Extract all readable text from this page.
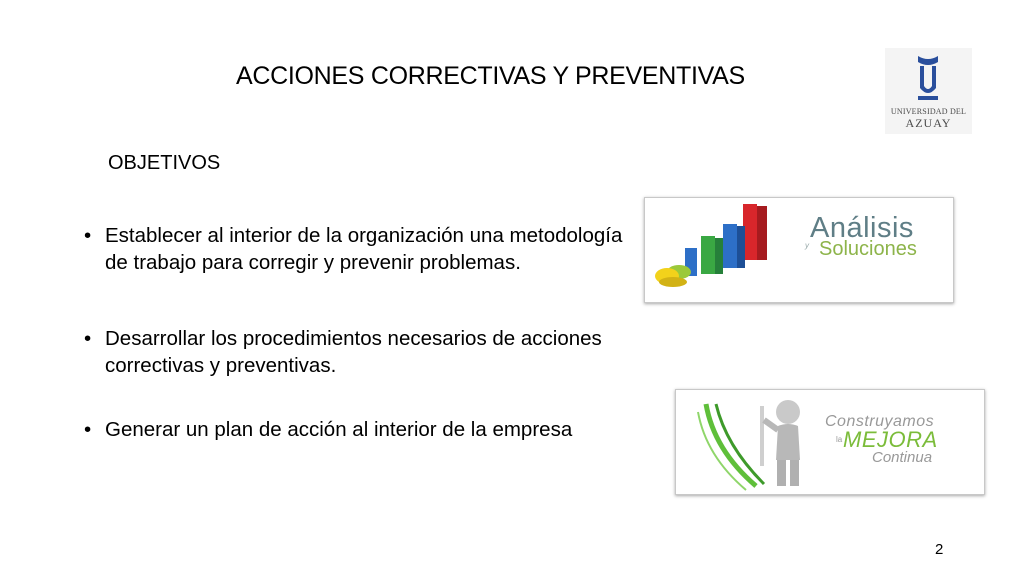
ACCIONES CORRECTIVAS Y PREVENTIVAS
UNIVERSIDAD DEL
AZUAY
OBJETIVOS
• Establecer al interior de la organización una metodología de trabajo para corregir y prevenir problemas.
• Desarrollar los procedimientos necesarios de acciones correctivas y preventivas.
• Generar un plan de acción al interior de la empresa
Análisis
y Soluciones
Construyamos
la MEJORA
Continua
2
